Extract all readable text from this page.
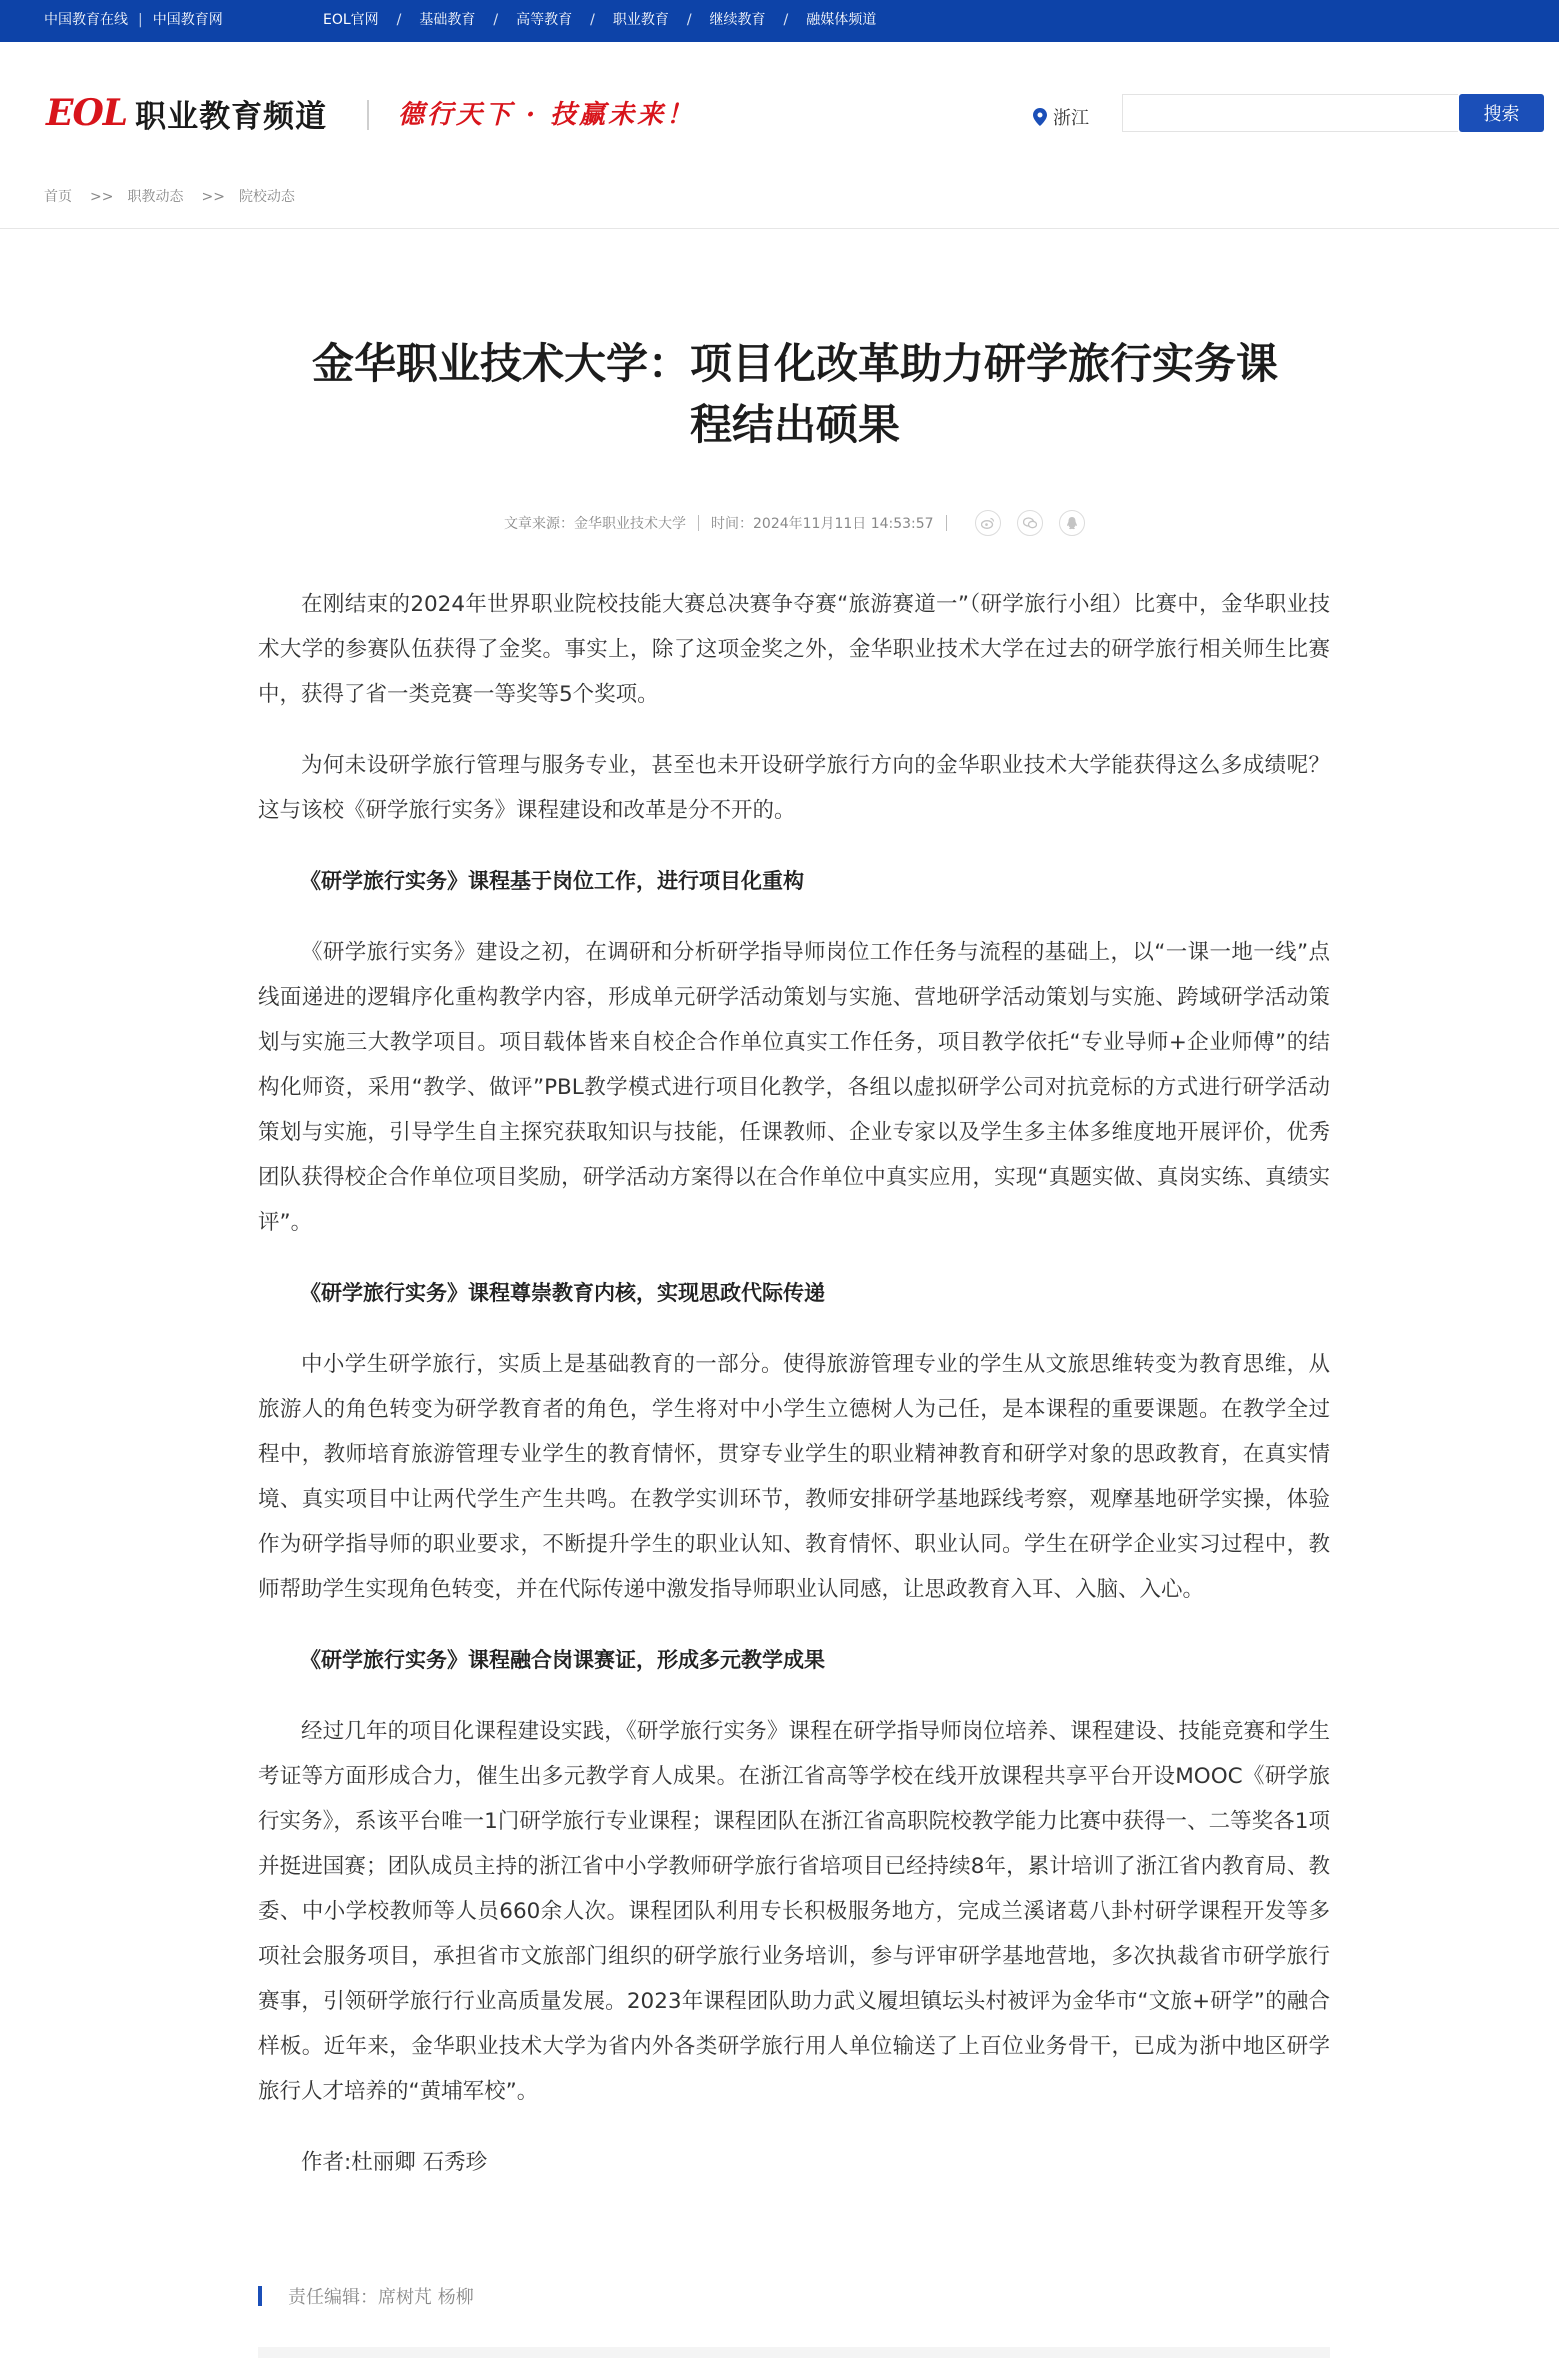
中国教育在线 | 中国教育网	EOL官网 / 基础教育 / 高等教育 / 职业教育 / 继续教育 / 融媒体频道
EOL 职业教育频道	德行天下 · 技赢未来！	浙江	搜索
首页 >> 职教动态 >> 院校动态
金华职业技术大学：项目化改革助力研学旅行实务课
程结出硕果
文章来源：金华职业技术大学 时间：2024年11月11日 14:53:57

在刚结束的2024年世界职业院校技能大赛总决赛争夺赛“旅游赛道一”（研学旅行小组）比赛中，金华职业技术大学的参赛队伍获得了金奖。事实上，除了这项金奖之外，金华职业技术大学在过去的研学旅行相关师生比赛中，获得了省一类竞赛一等奖等5个奖项。

为何未设研学旅行管理与服务专业，甚至也未开设研学旅行方向的金华职业技术大学能获得这么多成绩呢？这与该校《研学旅行实务》课程建设和改革是分不开的。

《研学旅行实务》课程基于岗位工作，进行项目化重构

《研学旅行实务》建设之初，在调研和分析研学指导师岗位工作任务与流程的基础上，以“一课一地一线”点线面递进的逻辑序化重构教学内容，形成单元研学活动策划与实施、营地研学活动策划与实施、跨域研学活动策划与实施三大教学项目。项目载体皆来自校企合作单位真实工作任务，项目教学依托“专业导师+企业师傅”的结构化师资，采用“教学、做评”PBL教学模式进行项目化教学，各组以虚拟研学公司对抗竞标的方式进行研学活动策划与实施，引导学生自主探究获取知识与技能，任课教师、企业专家以及学生多主体多维度地开展评价，优秀团队获得校企合作单位项目奖励，研学活动方案得以在合作单位中真实应用，实现“真题实做、真岗实练、真绩实评”。

《研学旅行实务》课程尊崇教育内核，实现思政代际传递

中小学生研学旅行，实质上是基础教育的一部分。使得旅游管理专业的学生从文旅思维转变为教育思维，从旅游人的角色转变为研学教育者的角色，学生将对中小学生立德树人为己任，是本课程的重要课题。在教学全过程中，教师培育旅游管理专业学生的教育情怀，贯穿专业学生的职业精神教育和研学对象的思政教育，在真实情境、真实项目中让两代学生产生共鸣。在教学实训环节，教师安排研学基地踩线考察，观摩基地研学实操，体验作为研学指导师的职业要求，不断提升学生的职业认知、教育情怀、职业认同。学生在研学企业实习过程中，教师帮助学生实现角色转变，并在代际传递中激发指导师职业认同感，让思政教育入耳、入脑、入心。

《研学旅行实务》课程融合岗课赛证，形成多元教学成果

经过几年的项目化课程建设实践，《研学旅行实务》课程在研学指导师岗位培养、课程建设、技能竞赛和学生考证等方面形成合力，催生出多元教学育人成果。在浙江省高等学校在线开放课程共享平台开设MOOC《研学旅行实务》，系该平台唯一1门研学旅行专业课程；课程团队在浙江省高职院校教学能力比赛中获得一、二等奖各1项并挺进国赛；团队成员主持的浙江省中小学教师研学旅行省培项目已经持续8年，累计培训了浙江省内教育局、教委、中小学校教师等人员660余人次。课程团队利用专长积极服务地方，完成兰溪诸葛八卦村研学课程开发等多项社会服务项目，承担省市文旅部门组织的研学旅行业务培训，参与评审研学基地营地，多次执裁省市研学旅行赛事，引领研学旅行行业高质量发展。2023年课程团队助力武义履坦镇坛头村被评为金华市“文旅+研学”的融合样板。近年来，金华职业技术大学为省内外各类研学旅行用人单位输送了上百位业务骨干，已成为浙中地区研学旅行人才培养的“黄埔军校”。

作者:杜丽卿 石秀珍

责任编辑：席树芃 杨柳
